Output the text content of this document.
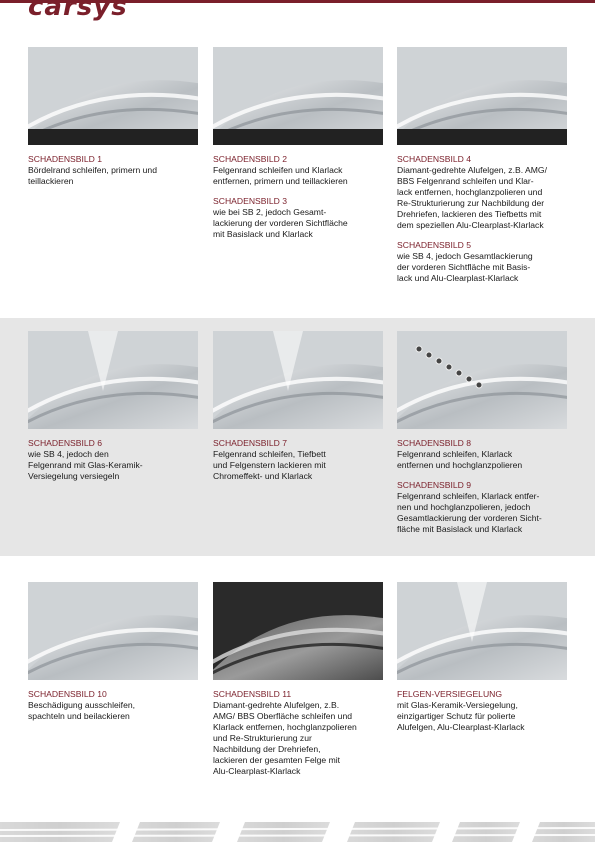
carsys
SCHADENSBILD 1
Bördelrand schleifen, primern und
teillackieren
SCHADENSBILD 2
Felgenrand schleifen und Klarlack
entfernen, primern und teillackieren
SCHADENSBILD 3
wie bei SB 2, jedoch Gesamt-
lackierung der vorderen Sichtfläche
mit Basislack und Klarlack
SCHADENSBILD 4
Diamant-gedrehte Alufelgen, z.B. AMG/
BBS Felgenrand schleifen und Klar-
lack entfernen, hochglanzpolieren und
Re-Strukturierung zur Nachbildung der
Drehriefen, lackieren des Tiefbetts mit
dem speziellen Alu-Clearplast-Klarlack
SCHADENSBILD 5
wie SB 4, jedoch Gesamtlackierung
der vorderen Sichtfläche mit Basis-
lack und Alu-Clearplast-Klarlack
SCHADENSBILD 6
wie SB 4, jedoch den
Felgenrand mit Glas-Keramik-
Versiegelung versiegeln
SCHADENSBILD 7
Felgenrand schleifen, Tiefbett
und Felgenstern lackieren mit
Chromeffekt- und Klarlack
SCHADENSBILD 8
Felgenrand schleifen, Klarlack
entfernen und hochglanzpolieren
SCHADENSBILD 9
Felgenrand schleifen, Klarlack entfer-
nen und hochglanzpolieren, jedoch
Gesamtlackierung der vorderen Sicht-
fläche mit Basislack und Klarlack
SCHADENSBILD 10
Beschädigung ausschleifen,
spachteln und beilackieren
SCHADENSBILD 11
Diamant-gedrehte Alufelgen, z.B.
AMG/ BBS Oberfläche schleifen und
Klarlack entfernen, hochglanzpolieren
und Re-Strukturierung zur
Nachbildung der Drehriefen,
lackieren der gesamten Felge mit
Alu-Clearplast-Klarlack
FELGEN-VERSIEGELUNG
mit Glas-Keramik-Versiegelung,
einzigartiger Schutz für polierte
Alufelgen, Alu-Clearplast-Klarlack
